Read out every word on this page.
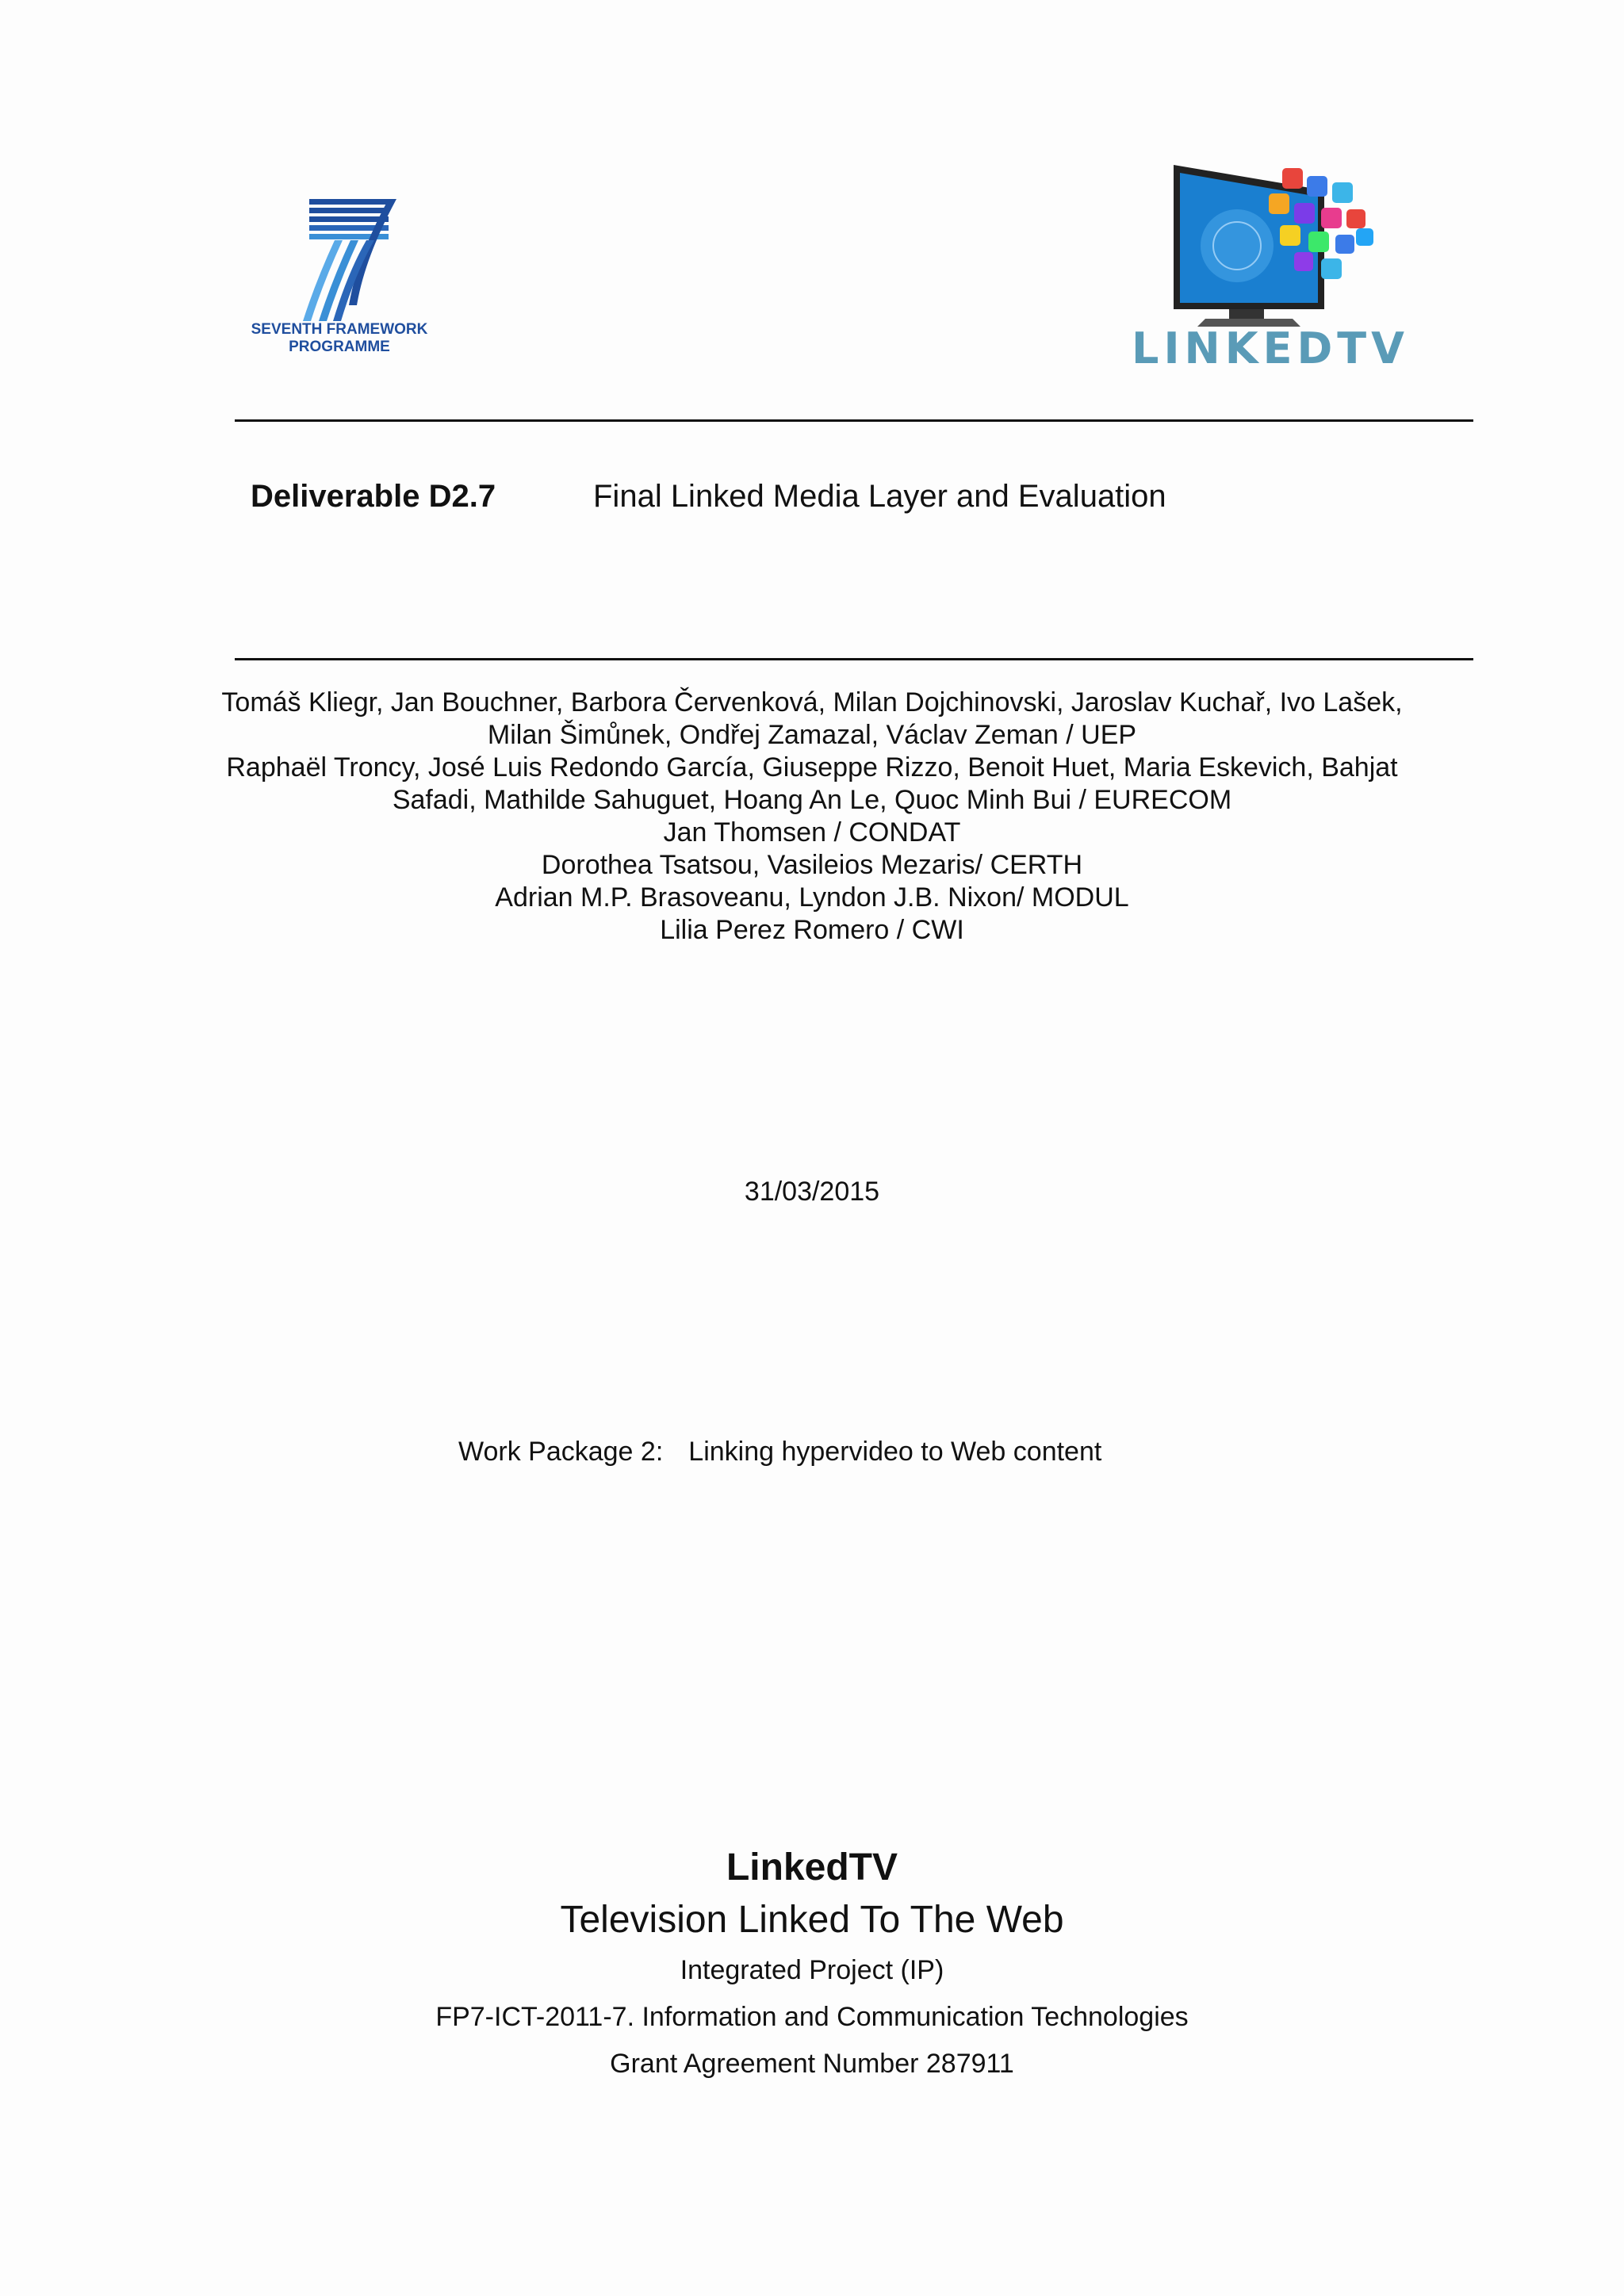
SEVENTH FRAMEWORK
PROGRAMME	LINKEDTV
Deliverable D2.7	Final Linked Media Layer and Evaluation
Tomáš Kliegr, Jan Bouchner, Barbora Červenková, Milan Dojchinovski, Jaroslav Kuchař, Ivo Lašek,
Milan Šimůnek, Ondřej Zamazal, Václav Zeman / UEP
Raphaël Troncy, José Luis Redondo García, Giuseppe Rizzo, Benoit Huet, Maria Eskevich, Bahjat
Safadi, Mathilde Sahuguet, Hoang An Le, Quoc Minh Bui / EURECOM
Jan Thomsen / CONDAT
Dorothea Tsatsou, Vasileios Mezaris/ CERTH
Adrian M.P. Brasoveanu, Lyndon J.B. Nixon/ MODUL
Lilia Perez Romero / CWI
31/03/2015
Work Package 2: Linking hypervideo to Web content
LinkedTV
Television Linked To The Web
Integrated Project (IP)
FP7-ICT-2011-7. Information and Communication Technologies
Grant Agreement Number 287911
